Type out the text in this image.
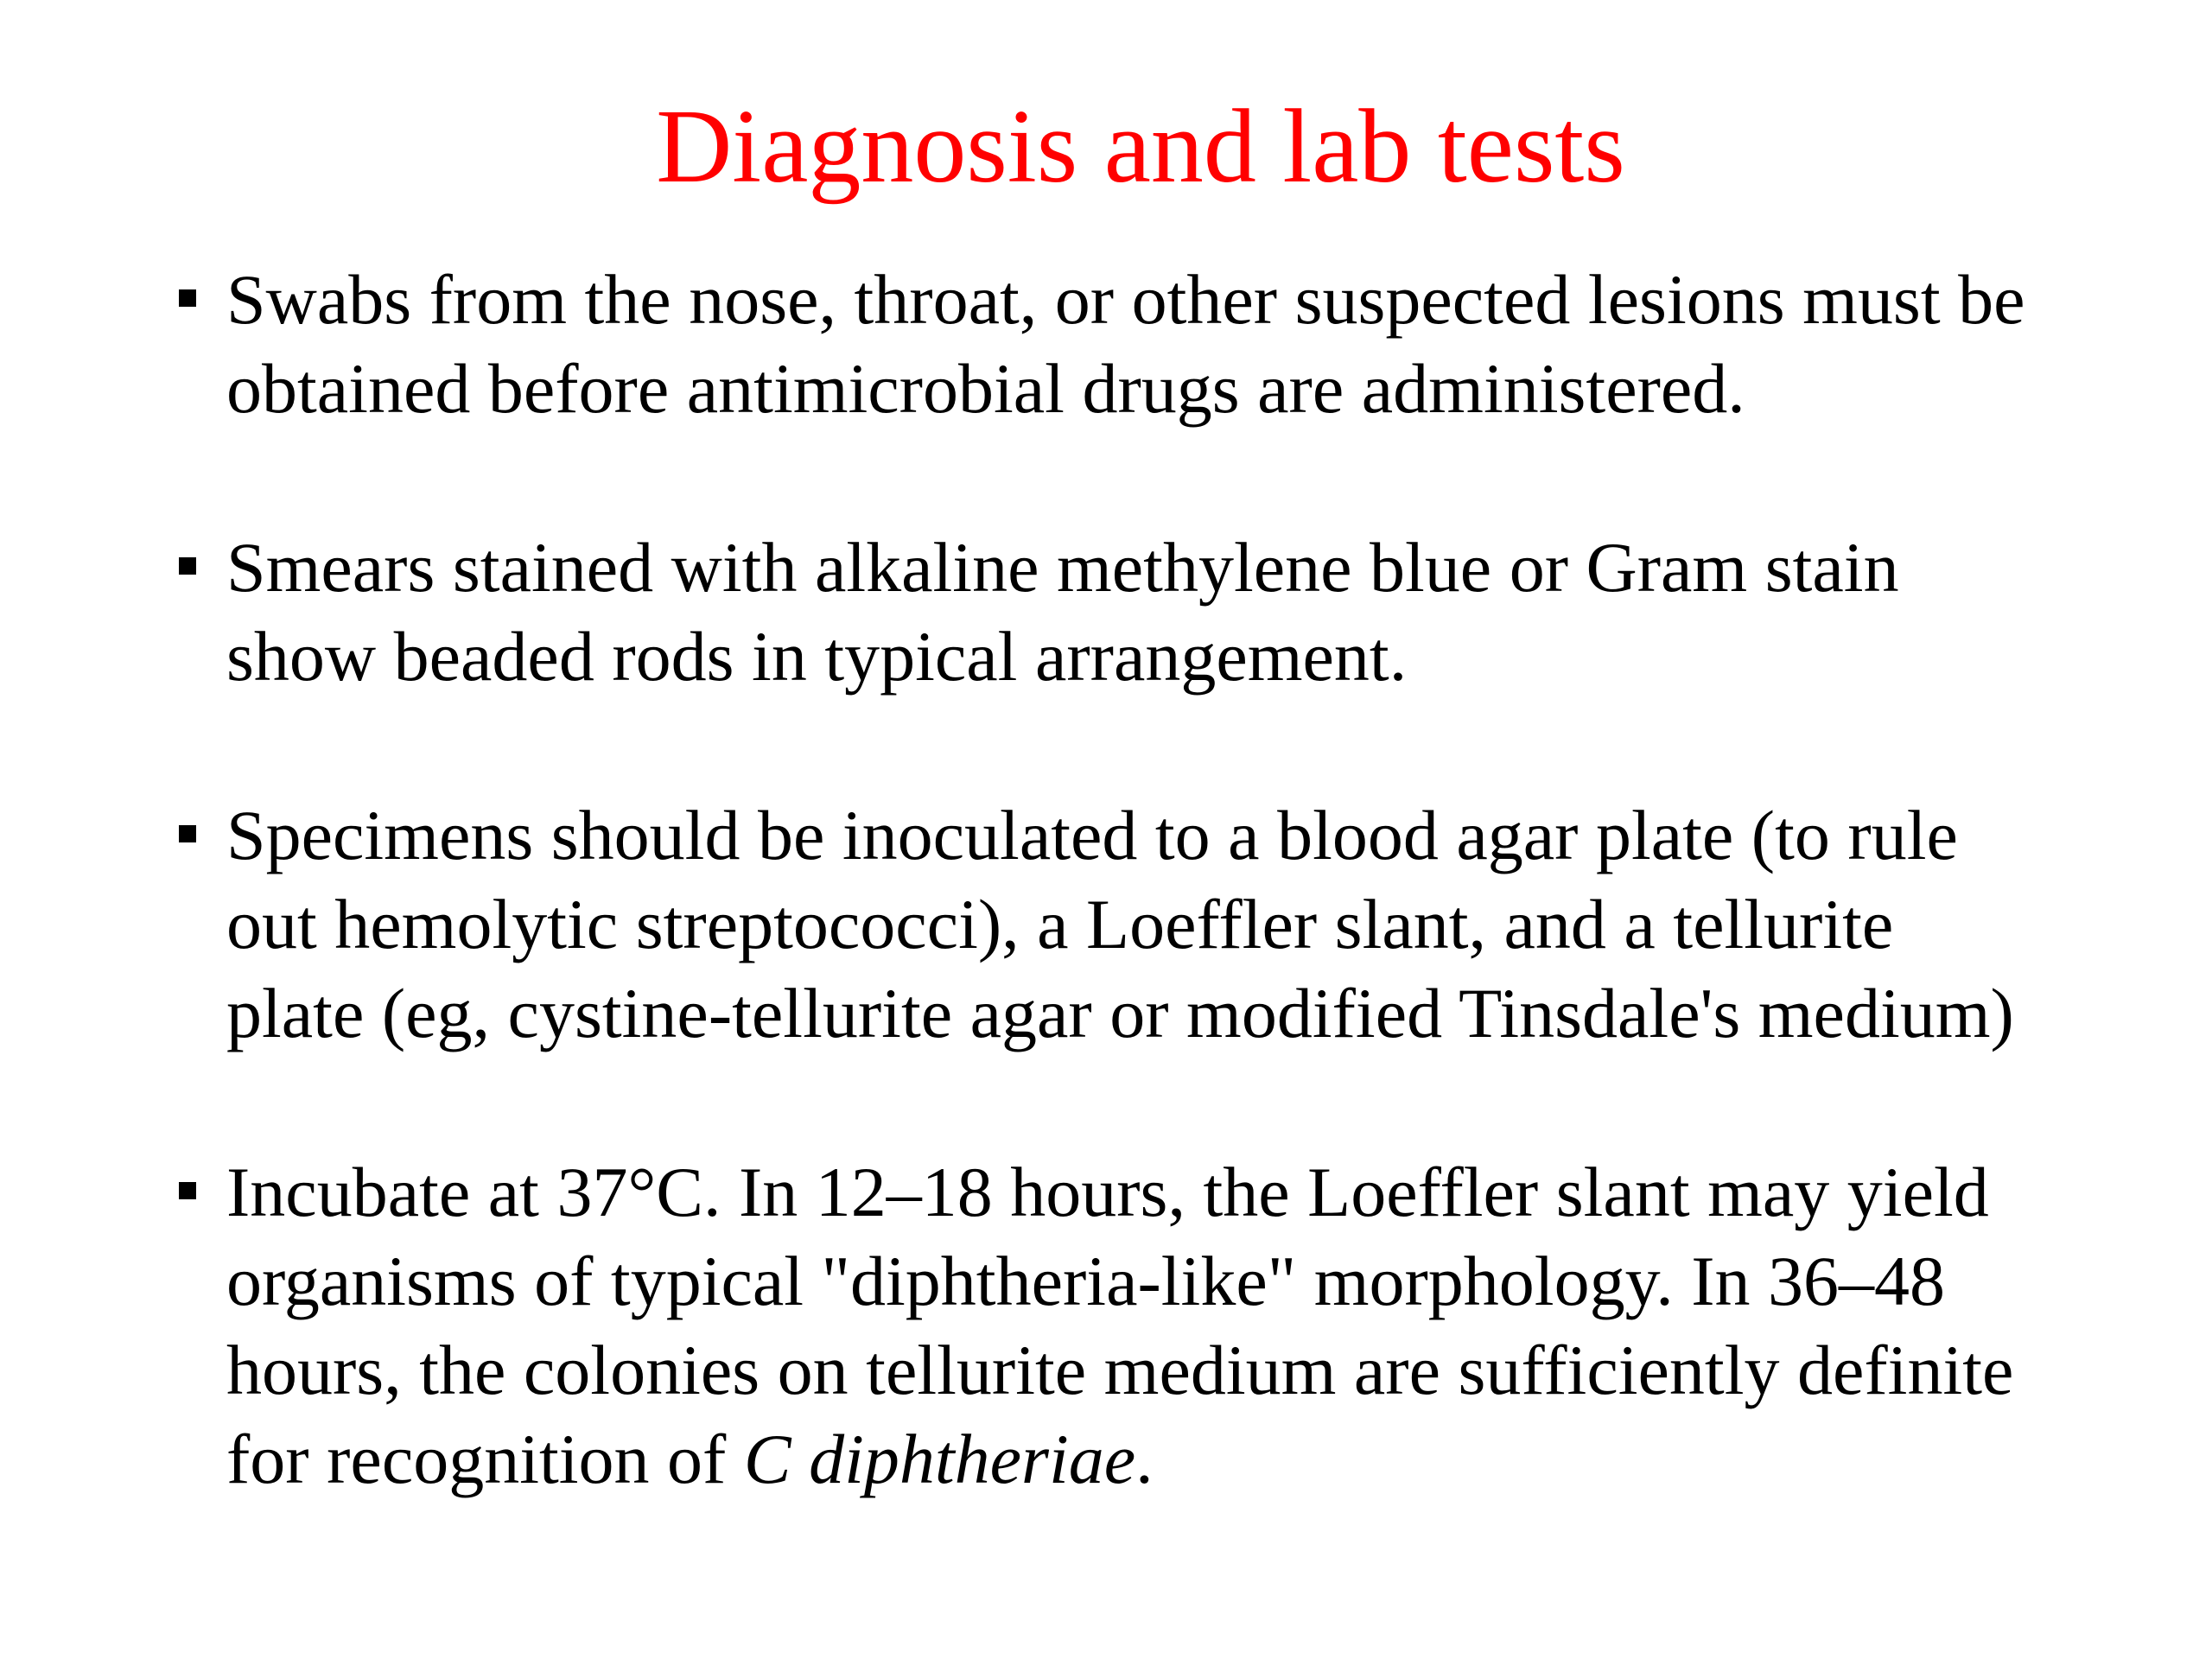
Diagnosis and lab tests
Swabs from the nose, throat, or other suspected lesions must be
obtained before antimicrobial drugs are administered.
Smears stained with alkaline methylene blue or Gram stain
show beaded rods in typical arrangement.
Specimens should be inoculated to a blood agar plate (to rule
out hemolytic streptococci), a Loeffler slant, and a tellurite
plate (eg, cystine-tellurite agar or modified Tinsdale's medium)
Incubate at 37°C. In 12–18 hours, the Loeffler slant may yield
organisms of typical "diphtheria-like" morphology. In 36–48
hours, the colonies on tellurite medium are sufficiently definite
for recognition of C diphtheriae.
